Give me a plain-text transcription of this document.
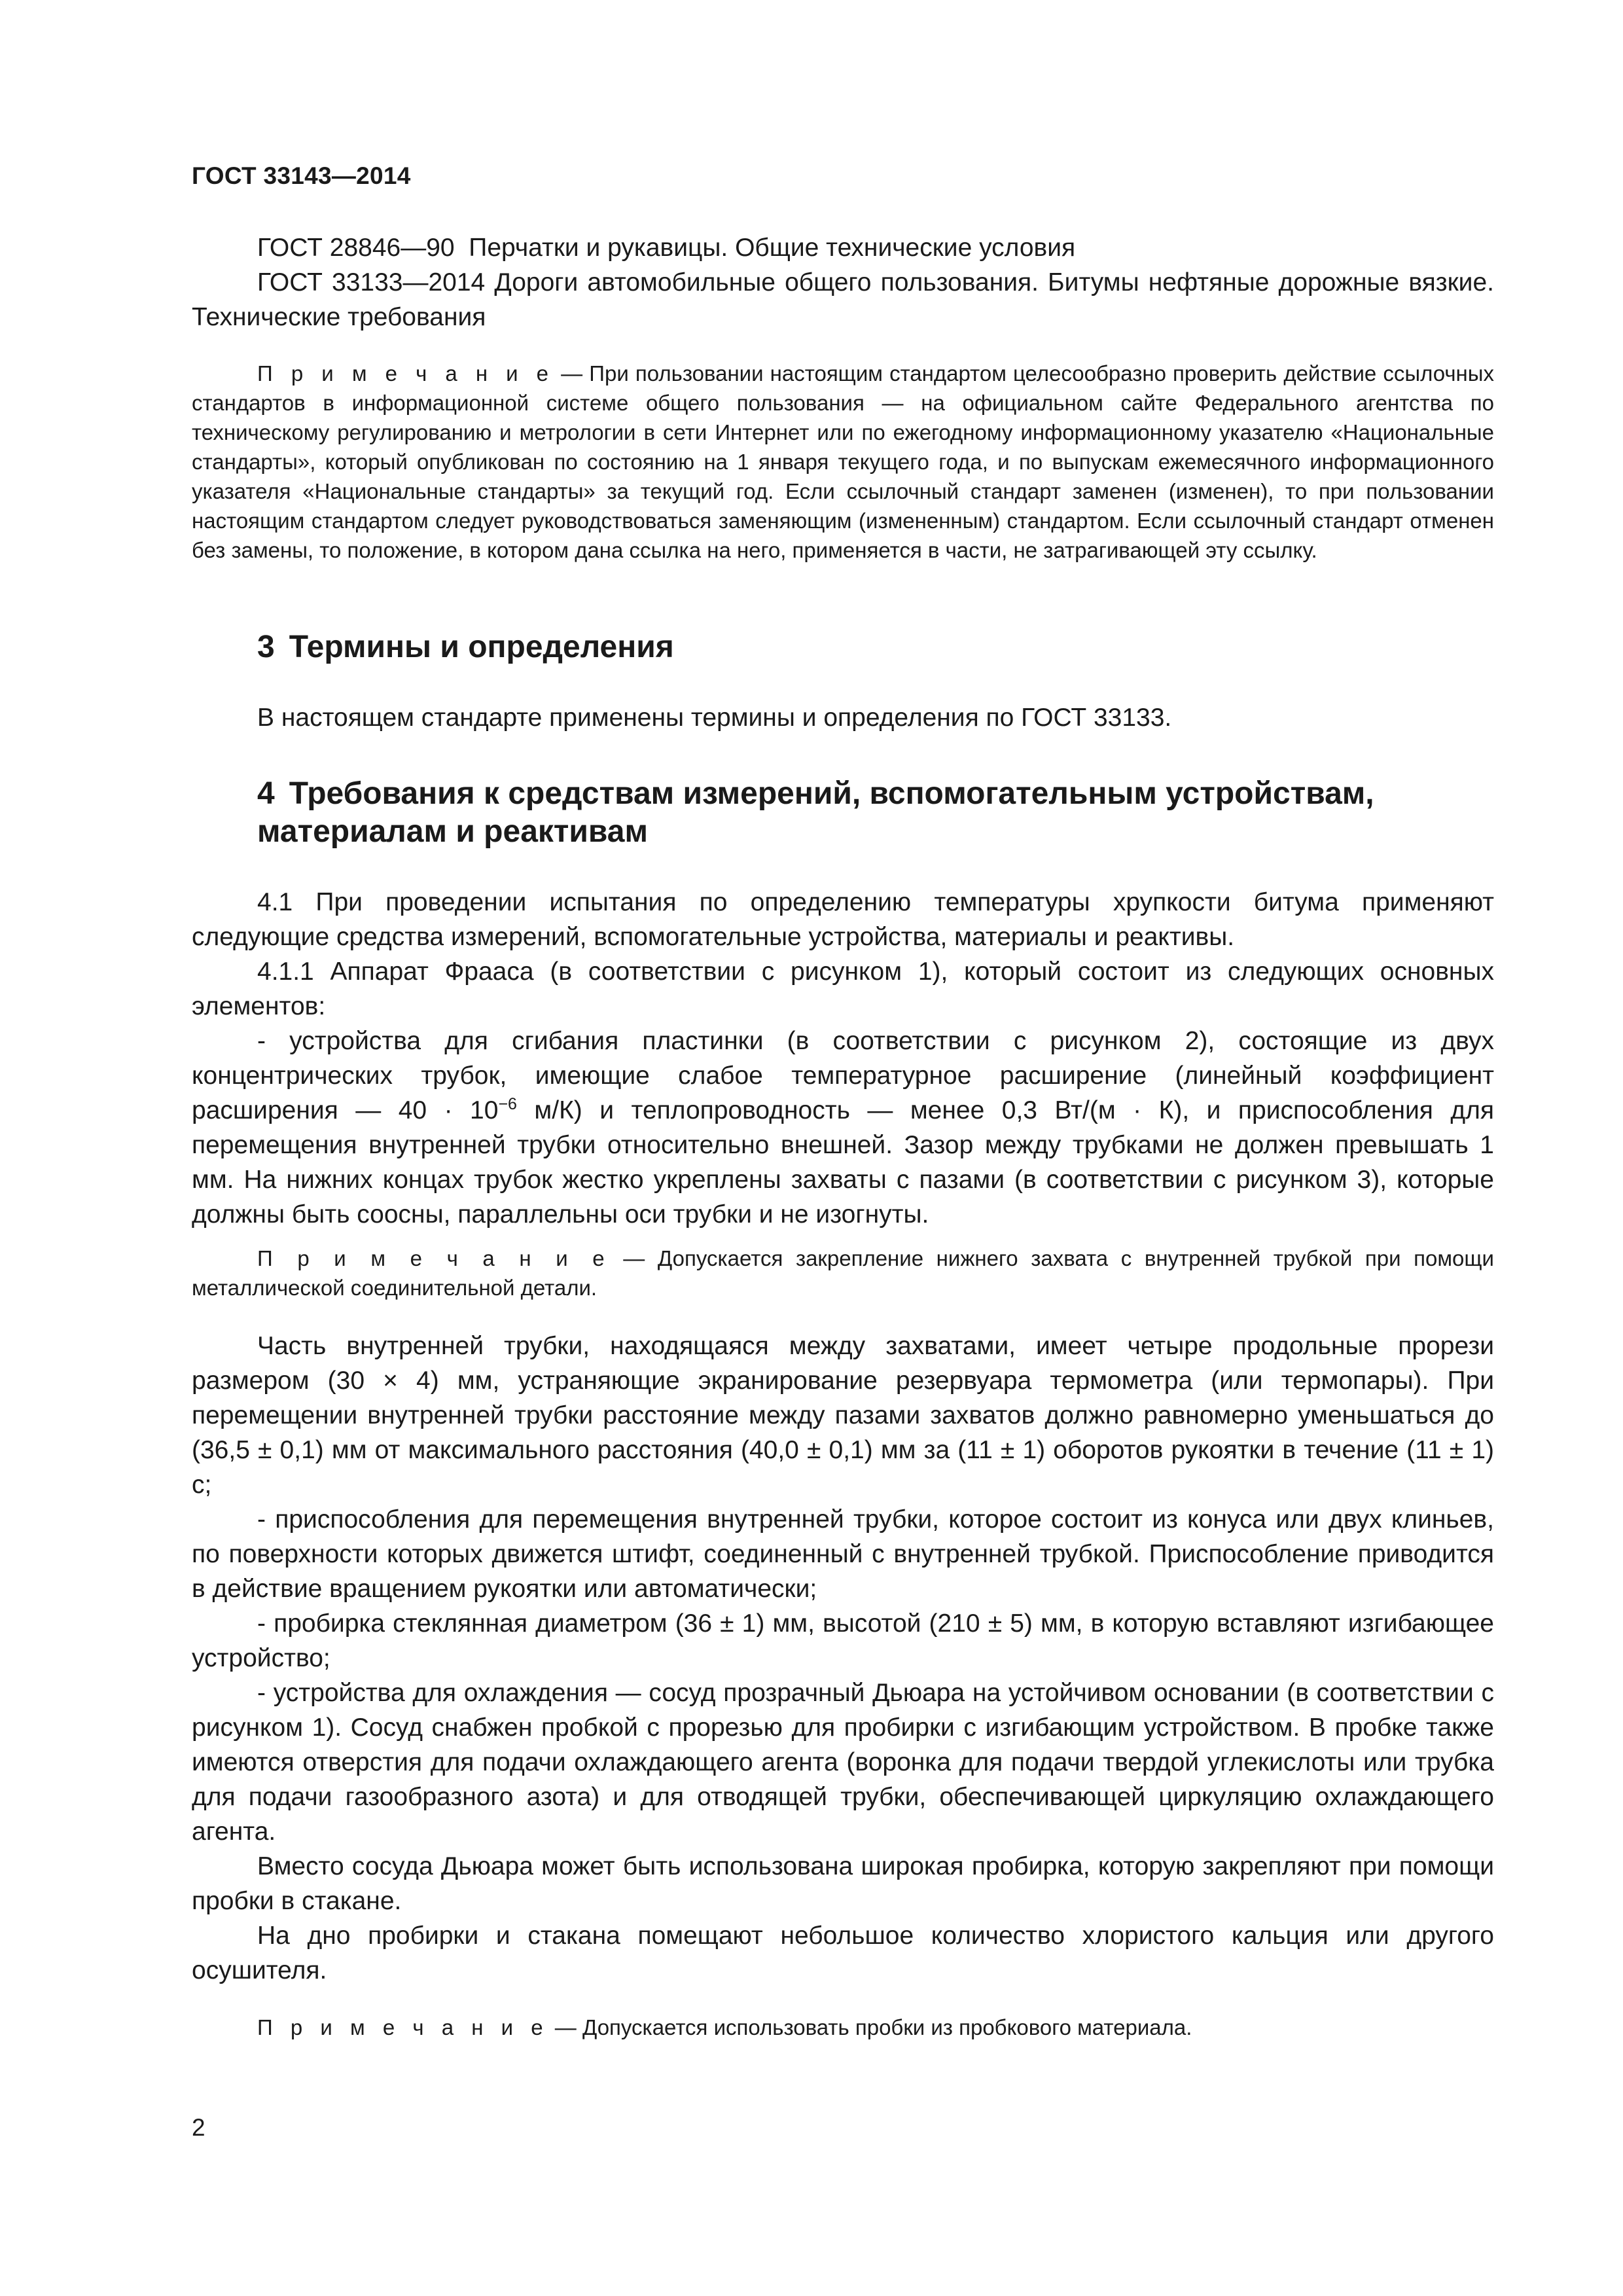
ГОСТ 33143—2014

ГОСТ 28846—90 Перчатки и рукавицы. Общие технические условия

ГОСТ 33133—2014 Дороги автомобильные общего пользования. Битумы нефтяные дорожные вязкие. Технические требования

П р и м е ч а н и е — При пользовании настоящим стандартом целесообразно проверить действие ссылочных стандартов в информационной системе общего пользования — на официальном сайте Федерального агентства по техническому регулированию и метрологии в сети Интернет или по ежегодному информационному указателю «Национальные стандарты», который опубликован по состоянию на 1 января текущего года, и по выпускам ежемесячного информационного указателя «Национальные стандарты» за текущий год. Если ссылочный стандарт заменен (изменен), то при пользовании настоящим стандартом следует руководствоваться заменяющим (измененным) стандартом. Если ссылочный стандарт отменен без замены, то положение, в котором дана ссылка на него, применяется в части, не затрагивающей эту ссылку.

3 Термины и определения

В настоящем стандарте применены термины и определения по ГОСТ 33133.

4 Требования к средствам измерений, вспомогательным устройствам, материалам и реактивам

4.1 При проведении испытания по определению температуры хрупкости битума применяют следующие средства измерений, вспомогательные устройства, материалы и реактивы.

4.1.1 Аппарат Фрааса (в соответствии с рисунком 1), который состоит из следующих основных элементов:

- устройства для сгибания пластинки (в соответствии с рисунком 2), состоящие из двух концентрических трубок, имеющие слабое температурное расширение (линейный коэффициент расширения — $40 \cdot 10^{-6}$ м/К) и теплопроводность — менее 0,3 Вт/(м · К), и приспособления для перемещения внутренней трубки относительно внешней. Зазор между трубками не должен превышать 1 мм. На нижних концах трубок жестко укреплены захваты с пазами (в соответствии с рисунком 3), которые должны быть соосны, параллельны оси трубки и не изогнуты.

П р и м е ч а н и е — Допускается закрепление нижнего захвата с внутренней трубкой при помощи металлической соединительной детали.

Часть внутренней трубки, находящаяся между захватами, имеет четыре продольные прорези размером (30 × 4) мм, устраняющие экранирование резервуара термометра (или термопары). При перемещении внутренней трубки расстояние между пазами захватов должно равномерно уменьшаться до (36,5 ± 0,1) мм от максимального расстояния (40,0 ± 0,1) мм за (11 ± 1) оборотов рукоятки в течение (11 ± 1) с;

- приспособления для перемещения внутренней трубки, которое состоит из конуса или двух клиньев, по поверхности которых движется штифт, соединенный с внутренней трубкой. Приспособление приводится в действие вращением рукоятки или автоматически;

- пробирка стеклянная диаметром (36 ± 1) мм, высотой (210 ± 5) мм, в которую вставляют изгибающее устройство;

- устройства для охлаждения — сосуд прозрачный Дьюара на устойчивом основании (в соответствии с рисунком 1). Сосуд снабжен пробкой с прорезью для пробирки с изгибающим устройством. В пробке также имеются отверстия для подачи охлаждающего агента (воронка для подачи твердой углекислоты или трубка для подачи газообразного азота) и для отводящей трубки, обеспечивающей циркуляцию охлаждающего агента.

Вместо сосуда Дьюара может быть использована широкая пробирка, которую закрепляют при помощи пробки в стакане.

На дно пробирки и стакана помещают небольшое количество хлористого кальция или другого осушителя.

П р и м е ч а н и е — Допускается использовать пробки из пробкового материала.

2
